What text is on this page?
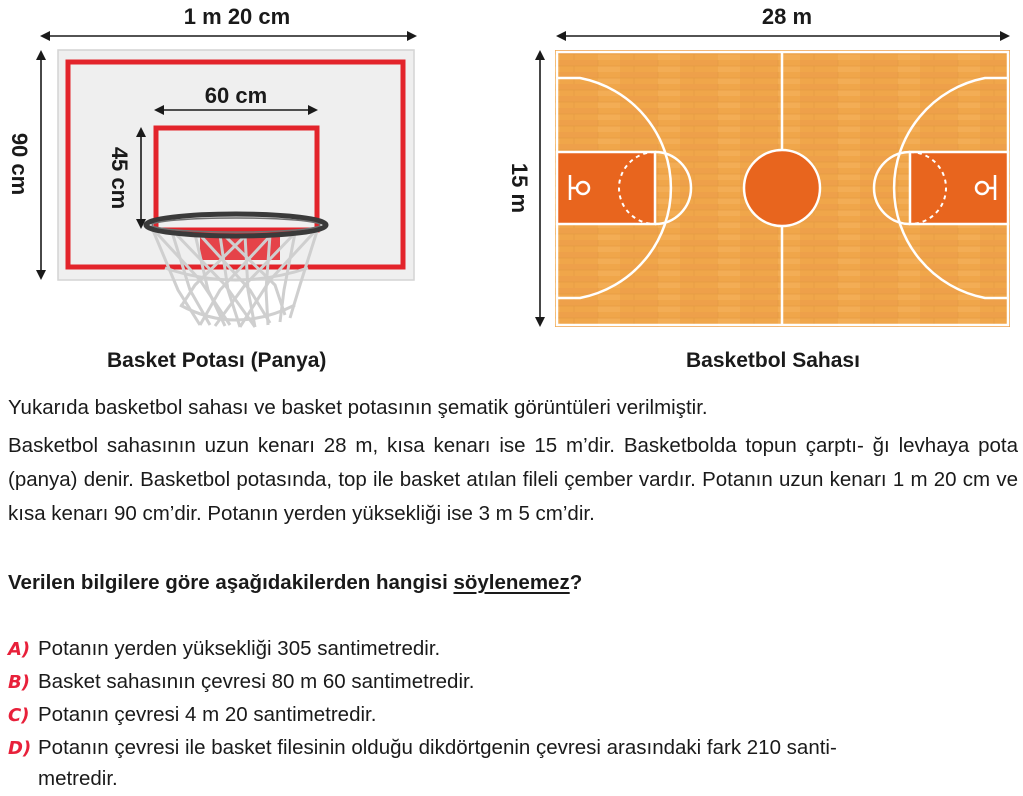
1 m 20 cm
90 cm
60 cm
45 cm
28 m
15 m
Basket Potası (Panya)	Basketbol Sahası
Yukarıda basketbol sahası ve basket potasının şematik görüntüleri verilmiştir.
Basketbol sahasının uzun kenarı 28 m, kısa kenarı ise 15 m’dir. Basketbolda topun çarptı- ğı levhaya pota (panya) denir. Basketbol potasında, top ile basket atılan fileli çember vardır. Potanın uzun kenarı 1 m 20 cm ve kısa kenarı 90 cm’dir. Potanın yerden yüksekliği ise 3 m 5 cm’dir.
Verilen bilgilere göre aşağıdakilerden hangisi söylenemez?
A) Potanın yerden yüksekliği 305 santimetredir.
B) Basket sahasının çevresi 80 m 60 santimetredir.
C) Potanın çevresi 4 m 20 santimetredir.
D) Potanın çevresi ile basket filesinin olduğu dikdörtgenin çevresi arasındaki fark 210 santi-
metredir.
